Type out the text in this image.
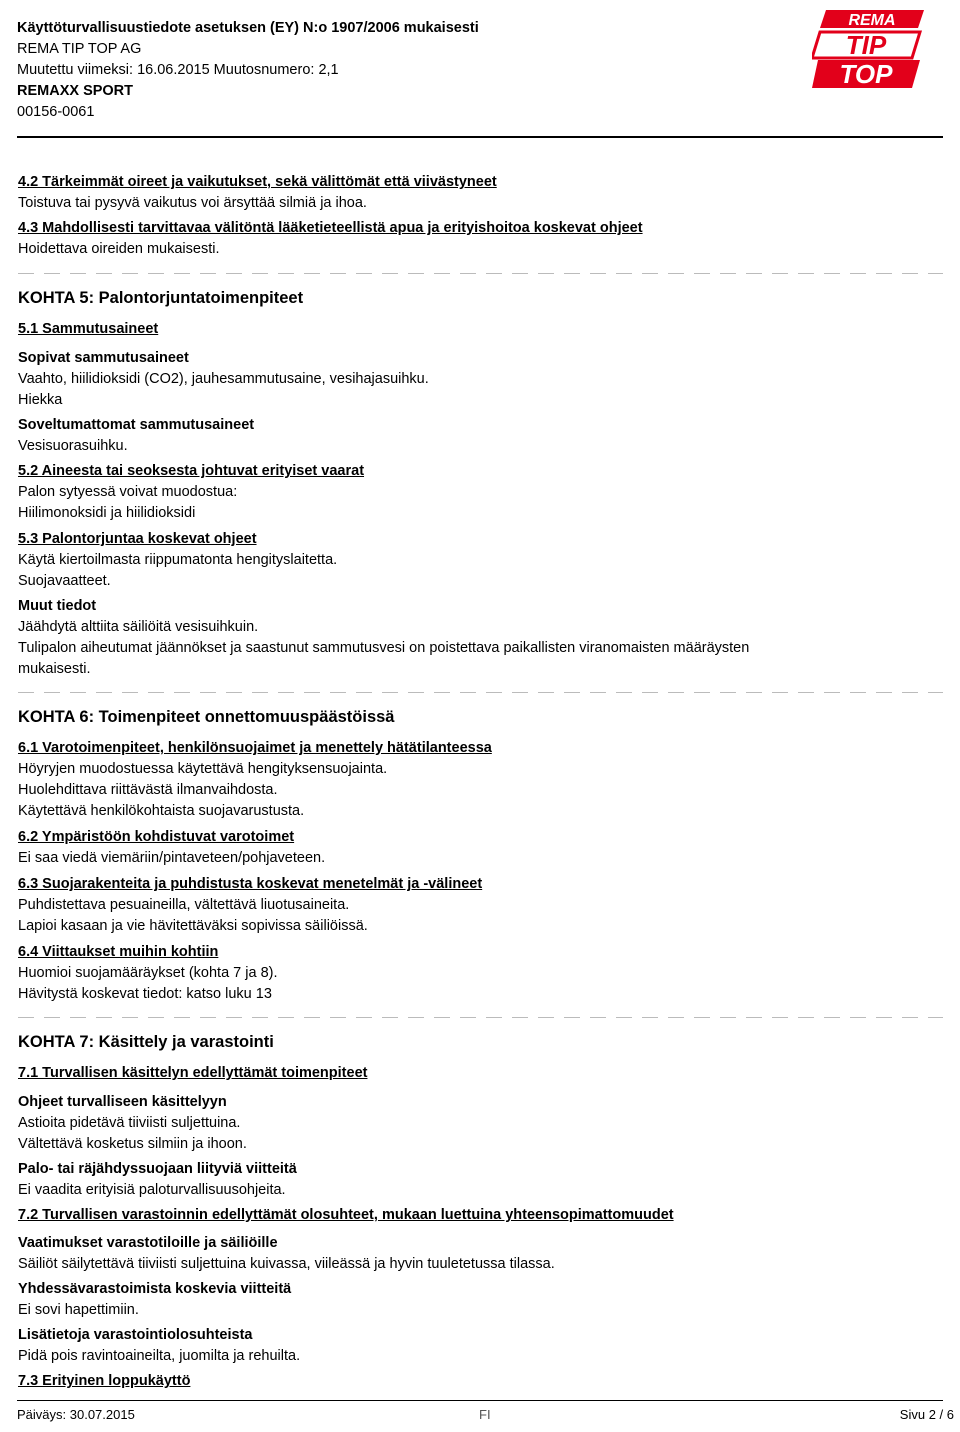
Käyttöturvallisuustiedote asetuksen (EY) N:o 1907/2006 mukaisesti
REMA TIP TOP AG
Muutettu viimeksi: 16.06.2015 Muutosnumero: 2,1
REMAXX SPORT
00156-0061
REMA
TIP
TOP
4.2 Tärkeimmät oireet ja vaikutukset, sekä välittömät että viivästyneet
Toistuva tai pysyvä vaikutus voi ärsyttää silmiä ja ihoa.
4.3 Mahdollisesti tarvittavaa välitöntä lääketieteellistä apua ja erityishoitoa koskevat ohjeet
Hoidettava oireiden mukaisesti.
KOHTA 5: Palontorjuntatoimenpiteet
5.1 Sammutusaineet
Sopivat sammutusaineet
Vaahto, hiilidioksidi (CO2), jauhesammutusaine, vesihajasuihku.
Hiekka
Soveltumattomat sammutusaineet
Vesisuorasuihku.
5.2 Aineesta tai seoksesta johtuvat erityiset vaarat
Palon sytyessä voivat muodostua:
Hiilimonoksidi ja hiilidioksidi
5.3 Palontorjuntaa koskevat ohjeet
Käytä kiertoilmasta riippumatonta hengityslaitetta.
Suojavaatteet.
Muut tiedot
Jäähdytä alttiita säiliöitä vesisuihkuin.
Tulipalon aiheutumat jäännökset ja saastunut sammutusvesi on poistettava paikallisten viranomaisten määräysten
mukaisesti.
KOHTA 6: Toimenpiteet onnettomuuspäästöissä
6.1 Varotoimenpiteet, henkilönsuojaimet ja menettely hätätilanteessa
Höyryjen muodostuessa käytettävä hengityksensuojainta.
Huolehdittava riittävästä ilmanvaihdosta.
Käytettävä henkilökohtaista suojavarustusta.
6.2 Ympäristöön kohdistuvat varotoimet
Ei saa viedä viemäriin/pintaveteen/pohjaveteen.
6.3 Suojarakenteita ja puhdistusta koskevat menetelmät ja -välineet
Puhdistettava pesuaineilla, vältettävä liuotusaineita.
Lapioi kasaan ja vie hävitettäväksi sopivissa säiliöissä.
6.4 Viittaukset muihin kohtiin
Huomioi suojamääräykset (kohta 7 ja 8).
Hävitystä koskevat tiedot: katso luku 13
KOHTA 7: Käsittely ja varastointi
7.1 Turvallisen käsittelyn edellyttämät toimenpiteet
Ohjeet turvalliseen käsittelyyn
Astioita pidetävä tiiviisti suljettuina.
Vältettävä kosketus silmiin ja ihoon.
Palo- tai räjähdyssuojaan liityviä viitteitä
Ei vaadita erityisiä paloturvallisuusohjeita.
7.2 Turvallisen varastoinnin edellyttämät olosuhteet, mukaan luettuina yhteensopimattomuudet
Vaatimukset varastotiloille ja säiliöille
Säiliöt säilytettävä tiiviisti suljettuina kuivassa, viileässä ja hyvin tuuletetussa tilassa.
Yhdessävarastoimista koskevia viitteitä
Ei sovi hapettimiin.
Lisätietoja varastointiolosuhteista
Pidä pois ravintoaineilta, juomilta ja rehuilta.
7.3 Erityinen loppukäyttö
Päiväys: 30.07.2015	FI	Sivu 2 / 6
